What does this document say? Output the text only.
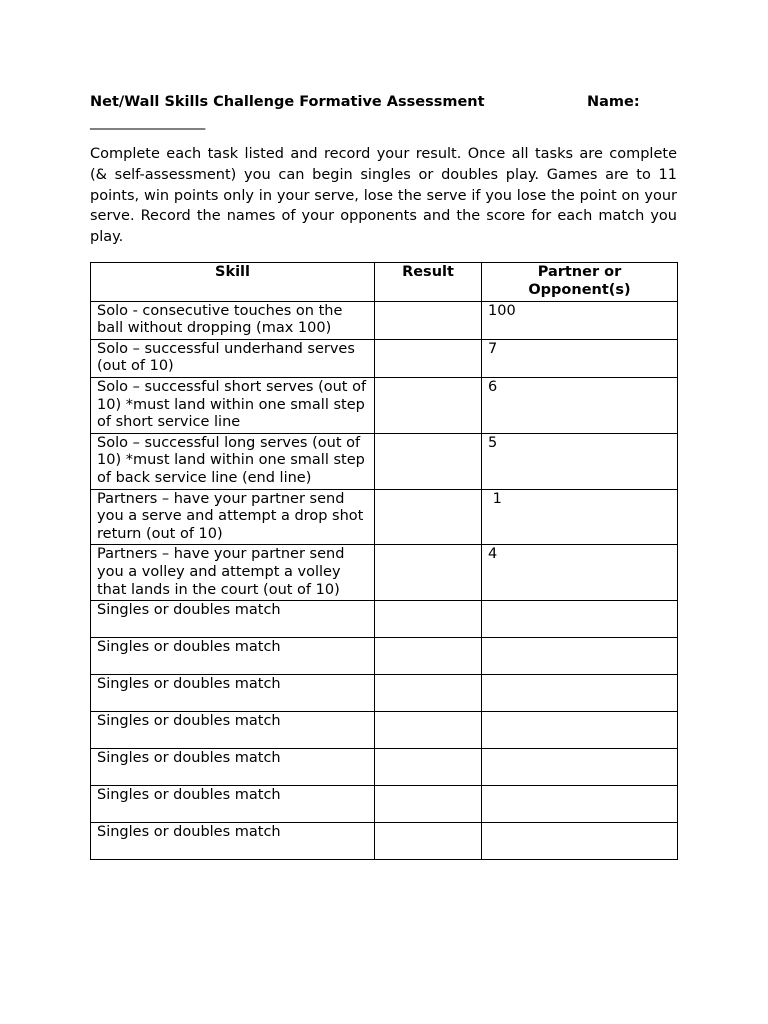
Net/Wall Skills Challenge Formative Assessment	Name:
_________________

Complete each task listed and record your result. Once all tasks are complete (& self-assessment) you can begin singles or doubles play. Games are to 11 points, win points only in your serve, lose the serve if you lose the point on your serve. Record the names of your opponents and the score for each match you play.

Skill	Result	Partner or Opponent(s)
Solo - consecutive touches on the ball without dropping (max 100)		100
Solo – successful underhand serves (out of 10)		7
Solo – successful short serves (out of 10) *must land within one small step of short service line		6
Solo – successful long serves (out of 10) *must land within one small step of back service line (end line)		5
Partners – have your partner send you a serve and attempt a drop shot return (out of 10)		1
Partners – have your partner send you a volley and attempt a volley that lands in the court (out of 10)		4
Singles or doubles match		
Singles or doubles match		
Singles or doubles match		
Singles or doubles match		
Singles or doubles match		
Singles or doubles match		
Singles or doubles match		
